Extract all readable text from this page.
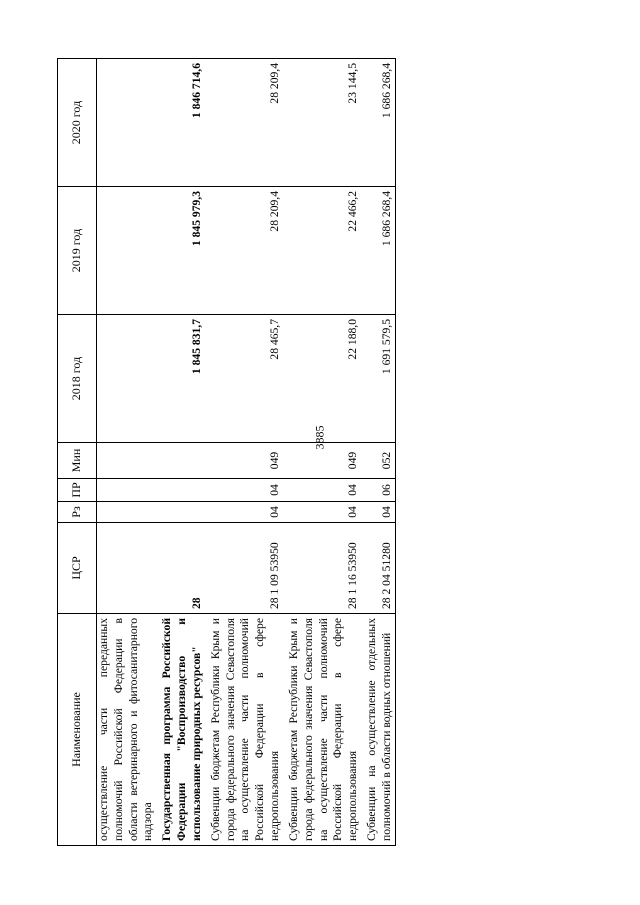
3885
Наименование	ЦСР	Рз	ПР	Мин	2018 год	2019 год	2020 год
осуществление части переданных полномочий Российской Федерации в области ветеринарного и фитосанитарного надзора							

Государственная программа Российской Федерации "Воспроизводство и использование природных ресурсов"	28				1 845 831,7	1 845 979,3	1 846 714,6

Субвенции бюджетам Республики Крым и города федерального значения Севастополя на осуществление части полномочий Российской Федерации в сфере недропользования	28 1 09 53950	04	04	049	28 465,7	28 209,4	28 209,4

Субвенции бюджетам Республики Крым и города федерального значения Севастополя на осуществление части полномочий Российской Федерации в сфере недропользования	28 1 16 53950	04	04	049	22 188,0	22 466,2	23 144,5

Субвенции на осуществление отдельных полномочий в области водных отношений	28 2 04 51280	04	06	052	1 691 579,5	1 686 268,4	1 686 268,4
